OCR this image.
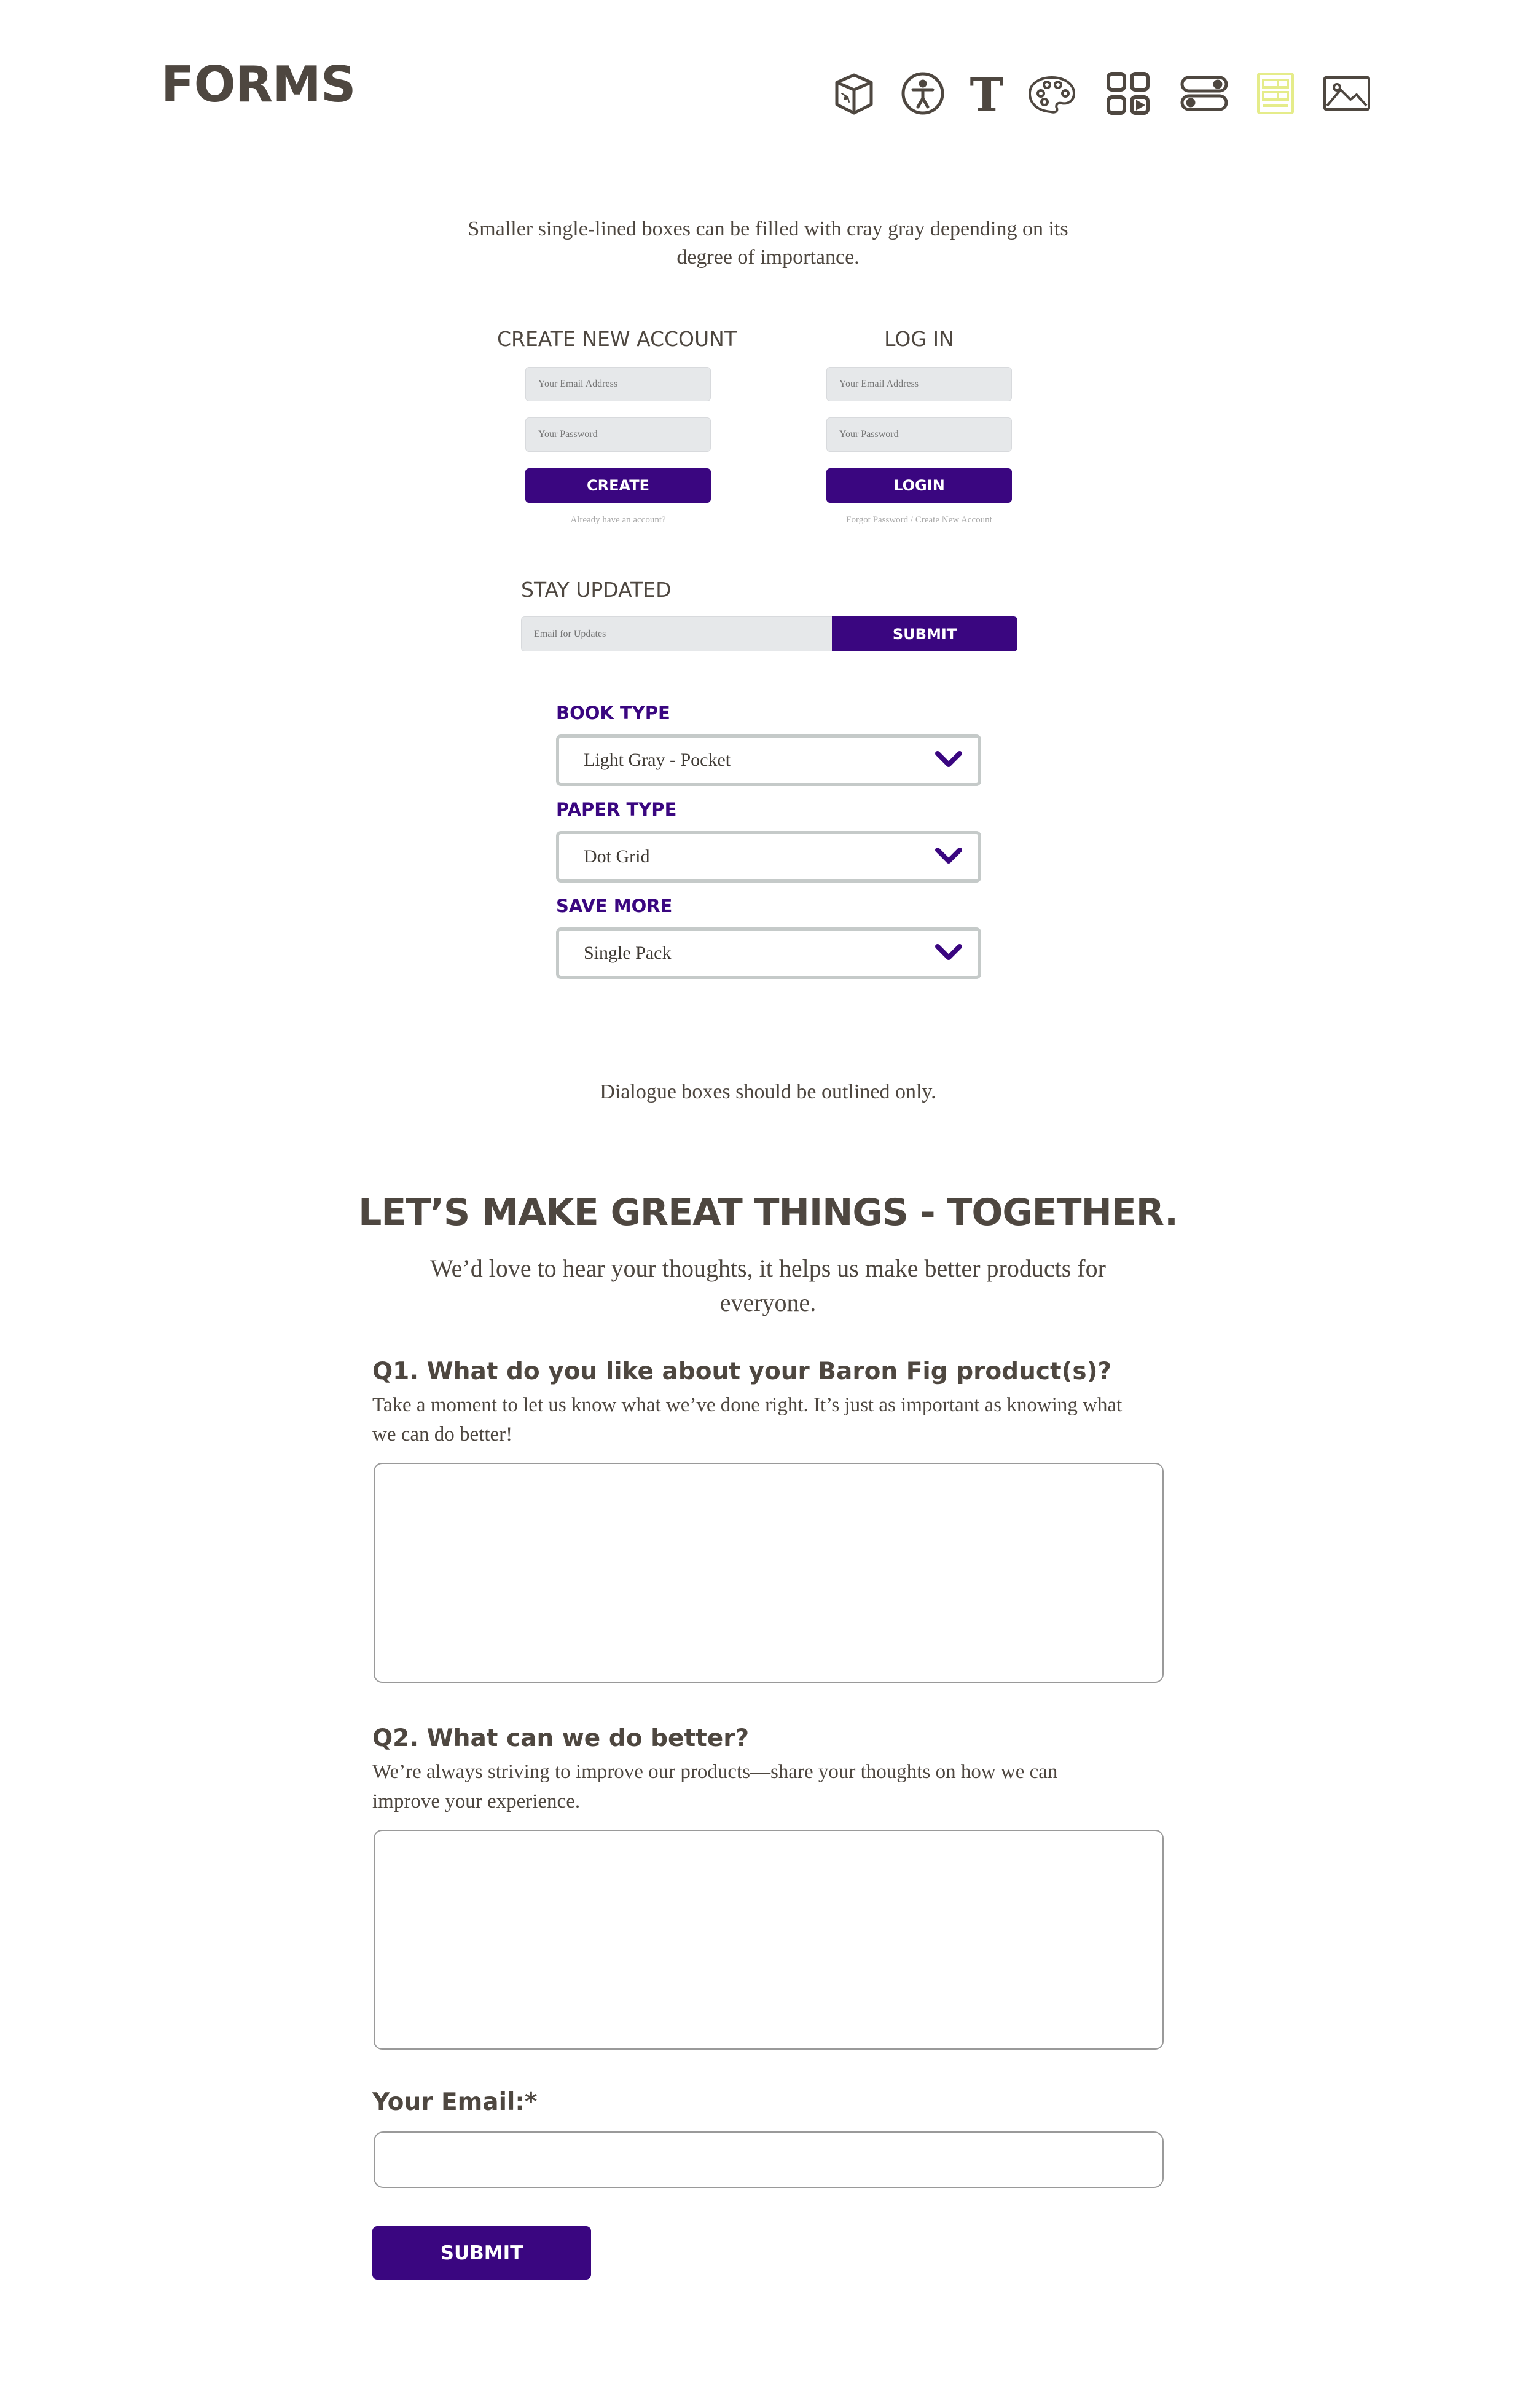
FORMS	T
Smaller single-lined boxes can be filled with cray gray depending on its
degree of importance.
CREATE NEW ACCOUNT
Your Email Address
Your Password
CREATE
Already have an account?
LOG IN
Your Email Address
Your Password
LOGIN
Forgot Password / Create New Account
STAY UPDATED
Email for Updates
SUBMIT
BOOK TYPE
Light Gray - Pocket
PAPER TYPE
Dot Grid
SAVE MORE
Single Pack
Dialogue boxes should be outlined only.
LET’S MAKE GREAT THINGS - TOGETHER.
We’d love to hear your thoughts, it helps us make better products for
everyone.
Q1. What do you like about your Baron Fig product(s)?
Take a moment to let us know what we’ve done right. It’s just as important as knowing what
we can do better!
Q2. What can we do better?
We’re always striving to improve our products—share your thoughts on how we can
improve your experience.
Your Email:*
SUBMIT
